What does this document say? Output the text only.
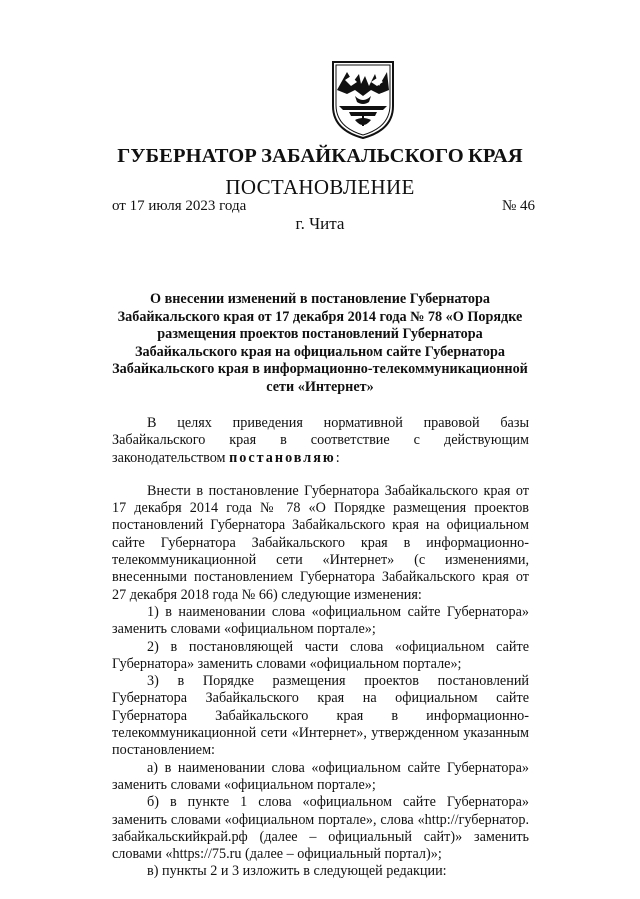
ГУБЕРНАТОР ЗАБАЙКАЛЬСКОГО КРАЯ
ПОСТАНОВЛЕНИЕ
от 17 июля 2023 года	№ 46
г. Чита
О внесении изменений в постановление Губернатора Забайкальского края от 17 декабря 2014 года № 78 «О Порядке размещения проектов постановлений Губернатора Забайкальского края на официальном сайте Губернатора Забайкальского края в информационно-телекоммуникационной сети «Интернет»

В целях приведения нормативной правовой базы Забайкальского края в соответствие с действующим законодательством постановляю:

Внести в постановление Губернатора Забайкальского края от 17 декабря 2014 года № 78 «О Порядке размещения проектов постановлений Губернатора Забайкальского края на официальном сайте Губернатора Забайкальского края в информационно-телекоммуникационной сети «Интернет» (с изменениями, внесенными постановлением Губернатора Забайкальского края от 27 декабря 2018 года № 66) следующие изменения:

1) в наименовании слова «официальном сайте Губернатора» заменить словами «официальном портале»;

2) в постановляющей части слова «официальном сайте Губернатора» заменить словами «официальном портале»;

3) в Порядке размещения проектов постановлений Губернатора Забайкальского края на официальном сайте Губернатора Забайкальского края в информационно-телекоммуникационной сети «Интернет», утвержденном указанным постановлением:

а) в наименовании слова «официальном сайте Губернатора» заменить словами «официальном портале»;

б) в пункте 1 слова «официальном сайте Губернатора» заменить словами «официальном портале», слова «http://губернатор. забайкальскийкрай.рф (далее – официальный сайт)» заменить словами «https://75.ru (далее – официальный портал)»;

в) пункты 2 и 3 изложить в следующей редакции:
